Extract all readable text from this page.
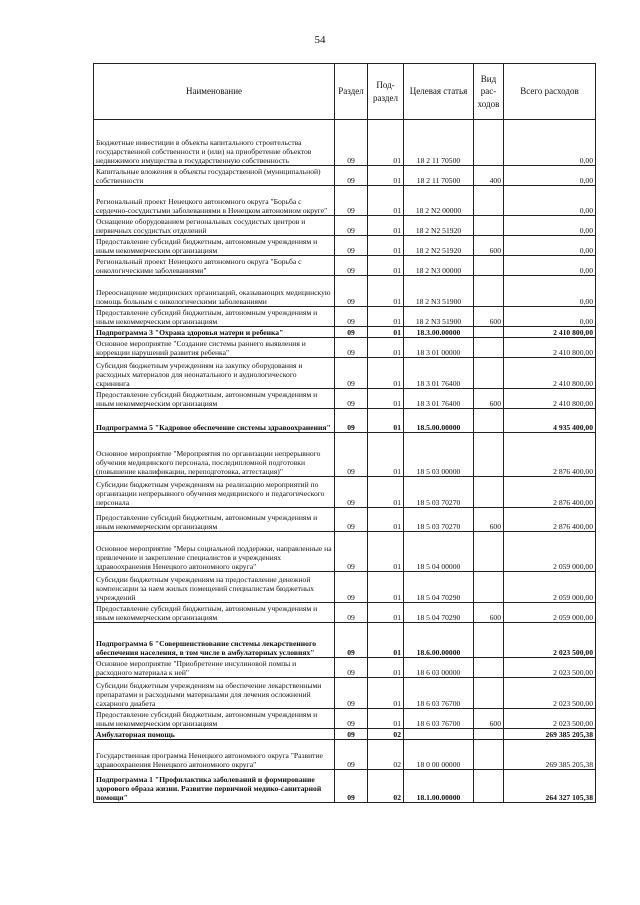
54
Наименование	Раздел	Под-раздел	Целевая статья	Вид рас-ходов	Всего расходов
Бюджетные инвестиции в объекты капитального строительства государственной собственности и (или) на приобретение объектов недвижимого имущества в государственную собственность	09	01	18 2 11 70500		0,00
Капитальные вложения в объекты государственной (муниципальной) собственности	09	01	18 2 11 70500	400	0,00
Региональный проект Ненецкого автономного округа "Борьба с сердечно-сосудистыми заболеваниями в Ненецком автономном округе"	09	01	18 2 N2 00000		0,00
Оснащение оборудованием региональных сосудистых центров и первичных сосудистых отделений	09	01	18 2 N2 51920		0,00
Предоставление субсидий бюджетным, автономным учреждениям и иным некоммерческим организациям	09	01	18 2 N2 51920	600	0,00
Региональный проект Ненецкого автономного округа "Борьба с онкологическими заболеваниями"	09	01	18 2 N3 00000		0,00
Переоснащение медицинских организаций, оказывающих медицинскую помощь больным с онкологическими заболеваниями	09	01	18 2 N3 51900		0,00
Предоставление субсидий бюджетным, автономным учреждениям и иным некоммерческим организациям	09	01	18 2 N3 51900	600	0,00
Подпрограмма 3 "Охрана здоровья матери и ребенка"	09	01	18.3.00.00000		2 410 800,00
Основное мероприятие "Создание системы раннего выявления и коррекции нарушений развития ребенка"	09	01	18 3 01 00000		2 410 800,00
Субсидия бюджетным учреждениям на закупку оборудования и расходных материалов для неонатального и аудиологического скрининга	09	01	18 3 01 76400		2 410 800,00
Предоставление субсидий бюджетным, автономным учреждениям и иным некоммерческим организациям	09	01	18 3 01 76400	600	2 410 800,00
Подпрограмма 5 "Кадровое обеспечение системы здравоохранения"	09	01	18.5.00.00000		4 935 400,00
Основное мероприятие "Мероприятия по организации непрерывного обучения медицинского персонала, последипломной подготовки (повышение квалификации, переподготовка, аттестация)"	09	01	18 5 03 00000		2 876 400,00
Субсидии бюджетным учреждениям на реализацию мероприятий по организации непрерывного обучения медицинского и педагогического персонала	09	01	18 5 03 70270		2 876 400,00
Предоставление субсидий бюджетным, автономным учреждениям и иным некоммерческим организациям	09	01	18 5 03 70270	600	2 876 400,00
Основное мероприятие "Меры социальной поддержки, направленные на привлечение и закрепление специалистов в учреждениях здравоохранения Ненецкого автономного округа"	09	01	18 5 04 00000		2 059 000,00
Субсидии бюджетным учреждениям на предоставление денежной компенсации за наем жилых помещений специалистам бюджетных учреждений	09	01	18 5 04 70290		2 059 000,00
Предоставление субсидий бюджетным, автономным учреждениям и иным некоммерческим организациям	09	01	18 5 04 70290	600	2 059 000,00
Подпрограмма 6 "Совершенствование системы лекарственного обеспечения населения, в том числе в амбулаторных условиях"	09	01	18.6.00.00000		2 023 500,00
Основное мероприятие "Приобретение инсулиновой помпы и расходного материала к ней"	09	01	18 6 03 00000		2 023 500,00
Субсидии бюджетным учреждениям на обеспечение лекарственными препаратами и расходными материалами для лечения осложнений сахарного диабета	09	01	18 6 03 76700		2 023 500,00
Предоставление субсидий бюджетным, автономным учреждениям и иным некоммерческим организациям	09	01	18 6 03 76700	600	2 023 500,00
Амбулаторная помощь	09	02			269 385 205,38
Государственная программа Ненецкого автономного округа "Развитие здравоохранения Ненецкого автономного округа"	09	02	18 0 00 00000		269 385 205,38
Подпрограмма 1 "Профилактика заболеваний и формирование здорового образа жизни. Развитие первичной медико-санитарной помощи"	09	02	18.1.00.00000		264 327 105,38
